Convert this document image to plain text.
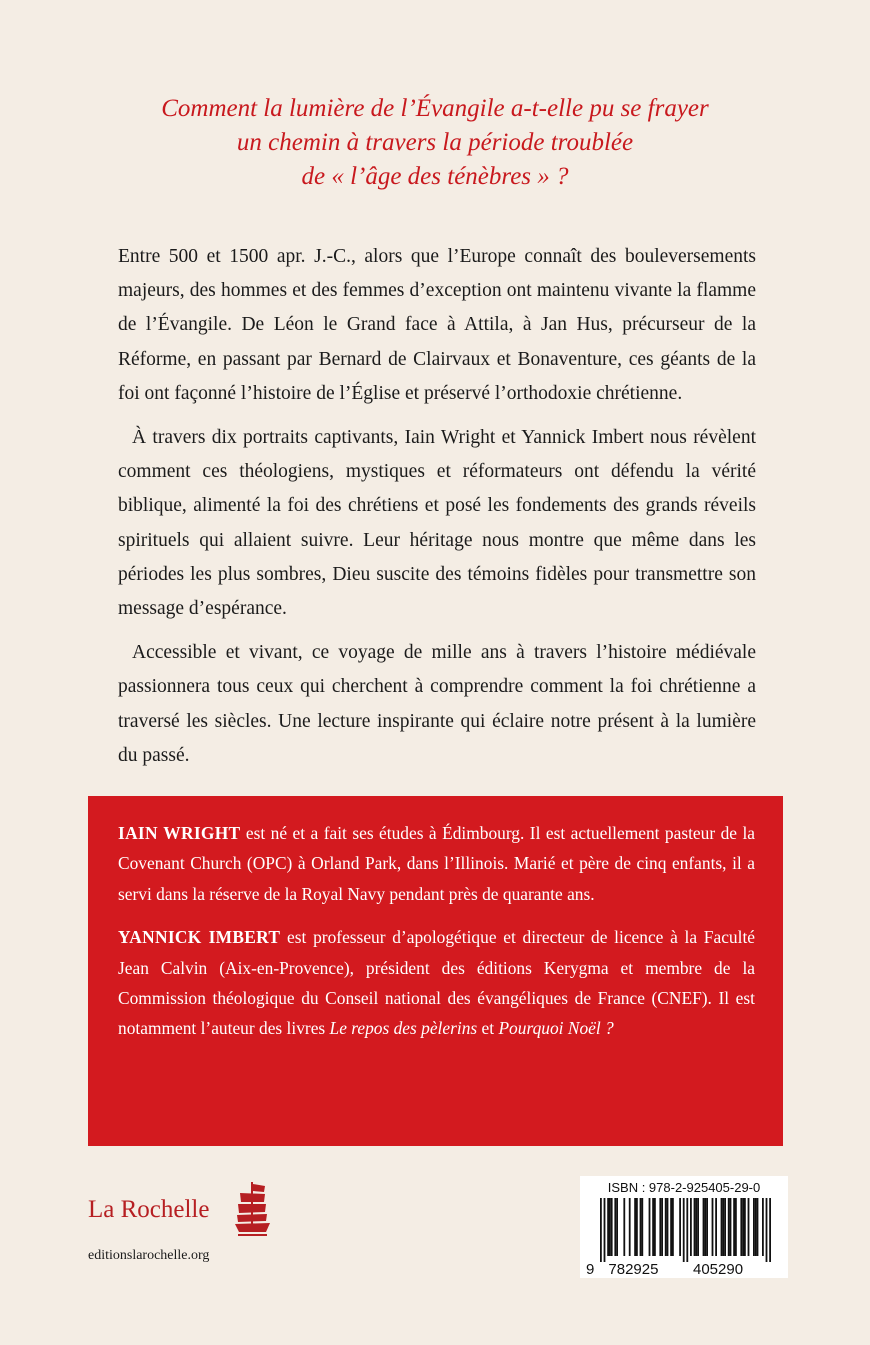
Comment la lumière de l’Évangile a-t-elle pu se frayer
un chemin à travers la période troublée
de « l’âge des ténèbres » ?

Entre 500 et 1500 apr. J.-C., alors que l’Europe connaît des bouleversements majeurs, des hommes et des femmes d’exception ont maintenu vivante la flamme de l’Évangile. De Léon le Grand face à Attila, à Jan Hus, précurseur de la Réforme, en passant par Bernard de Clairvaux et Bonaventure, ces géants de la foi ont façonné l’histoire de l’Église et préservé l’orthodoxie chrétienne.

À travers dix portraits captivants, Iain Wright et Yannick Imbert nous révèlent comment ces théologiens, mystiques et réformateurs ont défendu la vérité biblique, alimenté la foi des chrétiens et posé les fondements des grands réveils spirituels qui allaient suivre. Leur héritage nous montre que même dans les périodes les plus sombres, Dieu suscite des témoins fidèles pour transmettre son message d’espérance.

Accessible et vivant, ce voyage de mille ans à travers l’histoire médiévale passionnera tous ceux qui cherchent à comprendre comment la foi chrétienne a traversé les siècles. Une lecture inspirante qui éclaire notre présent à la lumière du passé.

IAIN WRIGHT est né et a fait ses études à Édimbourg. Il est actuellement pasteur de la Covenant Church (OPC) à Orland Park, dans l’Illinois. Marié et père de cinq enfants, il a servi dans la réserve de la Royal Navy pendant près de quarante ans.

YANNICK IMBERT est professeur d’apologétique et directeur de licence à la Faculté Jean Calvin (Aix-en-Provence), président des éditions Kerygma et membre de la Commission théologique du Conseil national des évangéliques de France (CNEF). Il est notamment l’auteur des livres Le repos des pèlerins et Pourquoi Noël ?

La Rochelle
editionslarochelle.org
ISBN : 978-2-925405-29-0
9 782925 405290
